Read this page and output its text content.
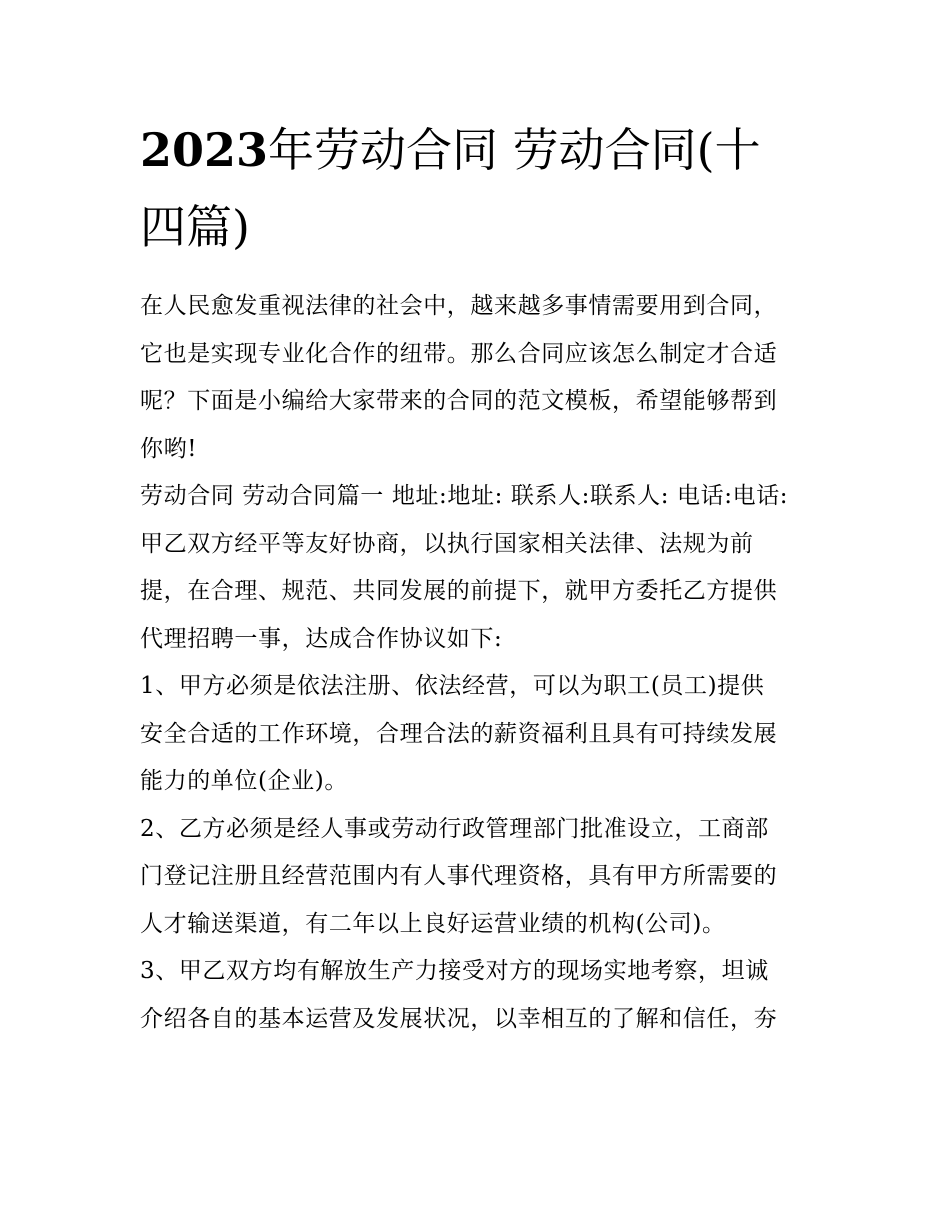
2023年劳动合同 劳动合同(十
四篇)
在人民愈发重视法律的社会中，越来越多事情需要用到合同，
它也是实现专业化合作的纽带。那么合同应该怎么制定才合适
呢？下面是小编给大家带来的合同的范文模板，希望能够帮到
你哟!
劳动合同 劳动合同篇一 地址:地址: 联系人:联系人: 电话:电话:
甲乙双方经平等友好协商，以执行国家相关法律、法规为前
提，在合理、规范、共同发展的前提下，就甲方委托乙方提供
代理招聘一事，达成合作协议如下:
1、甲方必须是依法注册、依法经营，可以为职工(员工)提供
安全合适的工作环境，合理合法的薪资福利且具有可持续发展
能力的单位(企业)。
2、乙方必须是经人事或劳动行政管理部门批准设立，工商部
门登记注册且经营范围内有人事代理资格，具有甲方所需要的
人才输送渠道，有二年以上良好运营业绩的机构(公司)。
3、甲乙双方均有解放生产力接受对方的现场实地考察，坦诚
介绍各自的基本运营及发展状况，以幸相互的了解和信任，夯
